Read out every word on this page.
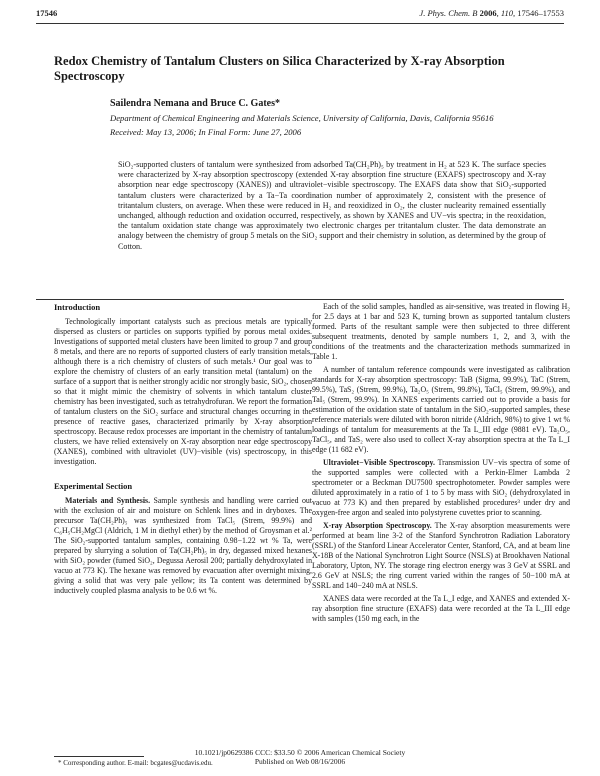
17546	J. Phys. Chem. B 2006, 110, 17546–17553
Redox Chemistry of Tantalum Clusters on Silica Characterized by X-ray Absorption Spectroscopy
Sailendra Nemana and Bruce C. Gates*
Department of Chemical Engineering and Materials Science, University of California, Davis, California 95616
Received: May 13, 2006; In Final Form: June 27, 2006
SiO₂-supported clusters of tantalum were synthesized from adsorbed Ta(CH₂Ph)₅ by treatment in H₂ at 523 K. The surface species were characterized by X-ray absorption spectroscopy (extended X-ray absorption fine structure (EXAFS) spectroscopy and X-ray absorption near edge spectroscopy (XANES)) and ultraviolet−visible spectroscopy. The EXAFS data show that SiO₂-supported tantalum clusters were characterized by a Ta−Ta coordination number of approximately 2, consistent with the presence of tritantalum clusters, on average. When these were reduced in H₂ and reoxidized in O₂, the cluster nuclearity remained essentially unchanged, although reduction and oxidation occurred, respectively, as shown by XANES and UV−vis spectra; in the reoxidation, the tantalum oxidation state change was approximately two electronic charges per tritantalum cluster. The data demonstrate an analogy between the chemistry of group 5 metals on the SiO₂ support and their chemistry in solution, as determined by the group of Cotton.
Introduction

Technologically important catalysts such as precious metals are typically dispersed as clusters or particles on supports typified by porous metal oxides. Investigations of supported metal clusters have been limited to group 7 and group 8 metals, and there are no reports of supported clusters of early transition metals, although there is a rich chemistry of clusters of such metals.¹ Our goal was to explore the chemistry of clusters of an early transition metal (tantalum) on the surface of a support that is neither strongly acidic nor strongly basic, SiO₂, chosen so that it might mimic the chemistry of solvents in which tantalum cluster chemistry has been investigated, such as tetrahydrofuran. We report the formation of tantalum clusters on the SiO₂ surface and structural changes occurring in the presence of reactive gases, characterized primarily by X-ray absorption spectroscopy. Because redox processes are important in the chemistry of tantalum clusters, we have relied extensively on X-ray absorption near edge spectroscopy (XANES), combined with ultraviolet (UV)−visible (vis) spectroscopy, in this investigation.

Experimental Section

Materials and Synthesis. Sample synthesis and handling were carried out with the exclusion of air and moisture on Schlenk lines and in dryboxes. The precursor Ta(CH₂Ph)₅ was synthesized from TaCl₅ (Strem, 99.9%) and C₆H₅CH₂MgCl (Aldrich, 1 M in diethyl ether) by the method of Groysman et al.² The SiO₂-supported tantalum samples, containing 0.98−1.22 wt % Ta, were prepared by slurrying a solution of Ta(CH₂Ph)₅ in dry, degassed mixed hexanes with SiO₂ powder (fumed SiO₂, Degussa Aerosil 200; partially dehydroxylated in vacuo at 773 K). The hexane was removed by evacuation after overnight mixing, giving a solid that was very pale yellow; its Ta content was determined by inductively coupled plasma analysis to be 0.6 wt %.

Each of the solid samples, handled as air-sensitive, was treated in flowing H₂ for 2.5 days at 1 bar and 523 K, turning brown as supported tantalum clusters formed. Parts of the resultant sample were then subjected to three different subsequent treatments, denoted by sample numbers 1, 2, and 3, with the conditions of the treatments and the characterization methods summarized in Table 1.

A number of tantalum reference compounds were investigated as calibration standards for X-ray absorption spectroscopy: TaB (Sigma, 99.9%), TaC (Strem, 99.5%), TaS₂ (Strem, 99.9%), Ta₂O₅ (Strem, 99.8%), TaCl₅ (Strem, 99.9%), and TaI₅ (Strem, 99.9%). In XANES experiments carried out to provide a basis for estimation of the oxidation state of tantalum in the SiO₂-supported samples, these reference materials were diluted with boron nitride (Aldrich, 98%) to give 1 wt % loadings of tantalum for measurements at the Ta L_III edge (9881 eV). Ta₂O₅, TaCl₅, and TaS₂ were also used to collect X-ray absorption spectra at the Ta L_I edge (11 682 eV).

Ultraviolet−Visible Spectroscopy. Transmission UV−vis spectra of some of the supported samples were collected with a Perkin-Elmer Lambda 2 spectrometer or a Beckman DU7500 spectrophotometer. Powder samples were diluted approximately in a ratio of 1 to 5 by mass with SiO₂ (dehydroxylated in vacuo at 773 K) and then prepared by established procedures³ under dry and oxygen-free argon and sealed into polystyrene cuvettes prior to scanning.

X-ray Absorption Spectroscopy. The X-ray absorption measurements were performed at beam line 3-2 of the Stanford Synchrotron Radiation Laboratory (SSRL) of the Stanford Linear Accelerator Center, Stanford, CA, and at beam line X-18B of the National Synchrotron Light Source (NSLS) at Brookhaven National Laboratory, Upton, NY. The storage ring electron energy was 3 GeV at SSRL and 2.6 GeV at NSLS; the ring current varied within the ranges of 50−100 mA at SSRL and 140−240 mA at NSLS.

XANES data were recorded at the Ta L_I edge, and XANES and extended X-ray absorption fine structure (EXAFS) data were recorded at the Ta L_III edge with samples (150 mg each, in the

* Corresponding author. E-mail: bcgates@ucdavis.edu.
10.1021/jp0629386 CCC: $33.50 © 2006 American Chemical Society
Published on Web 08/16/2006
